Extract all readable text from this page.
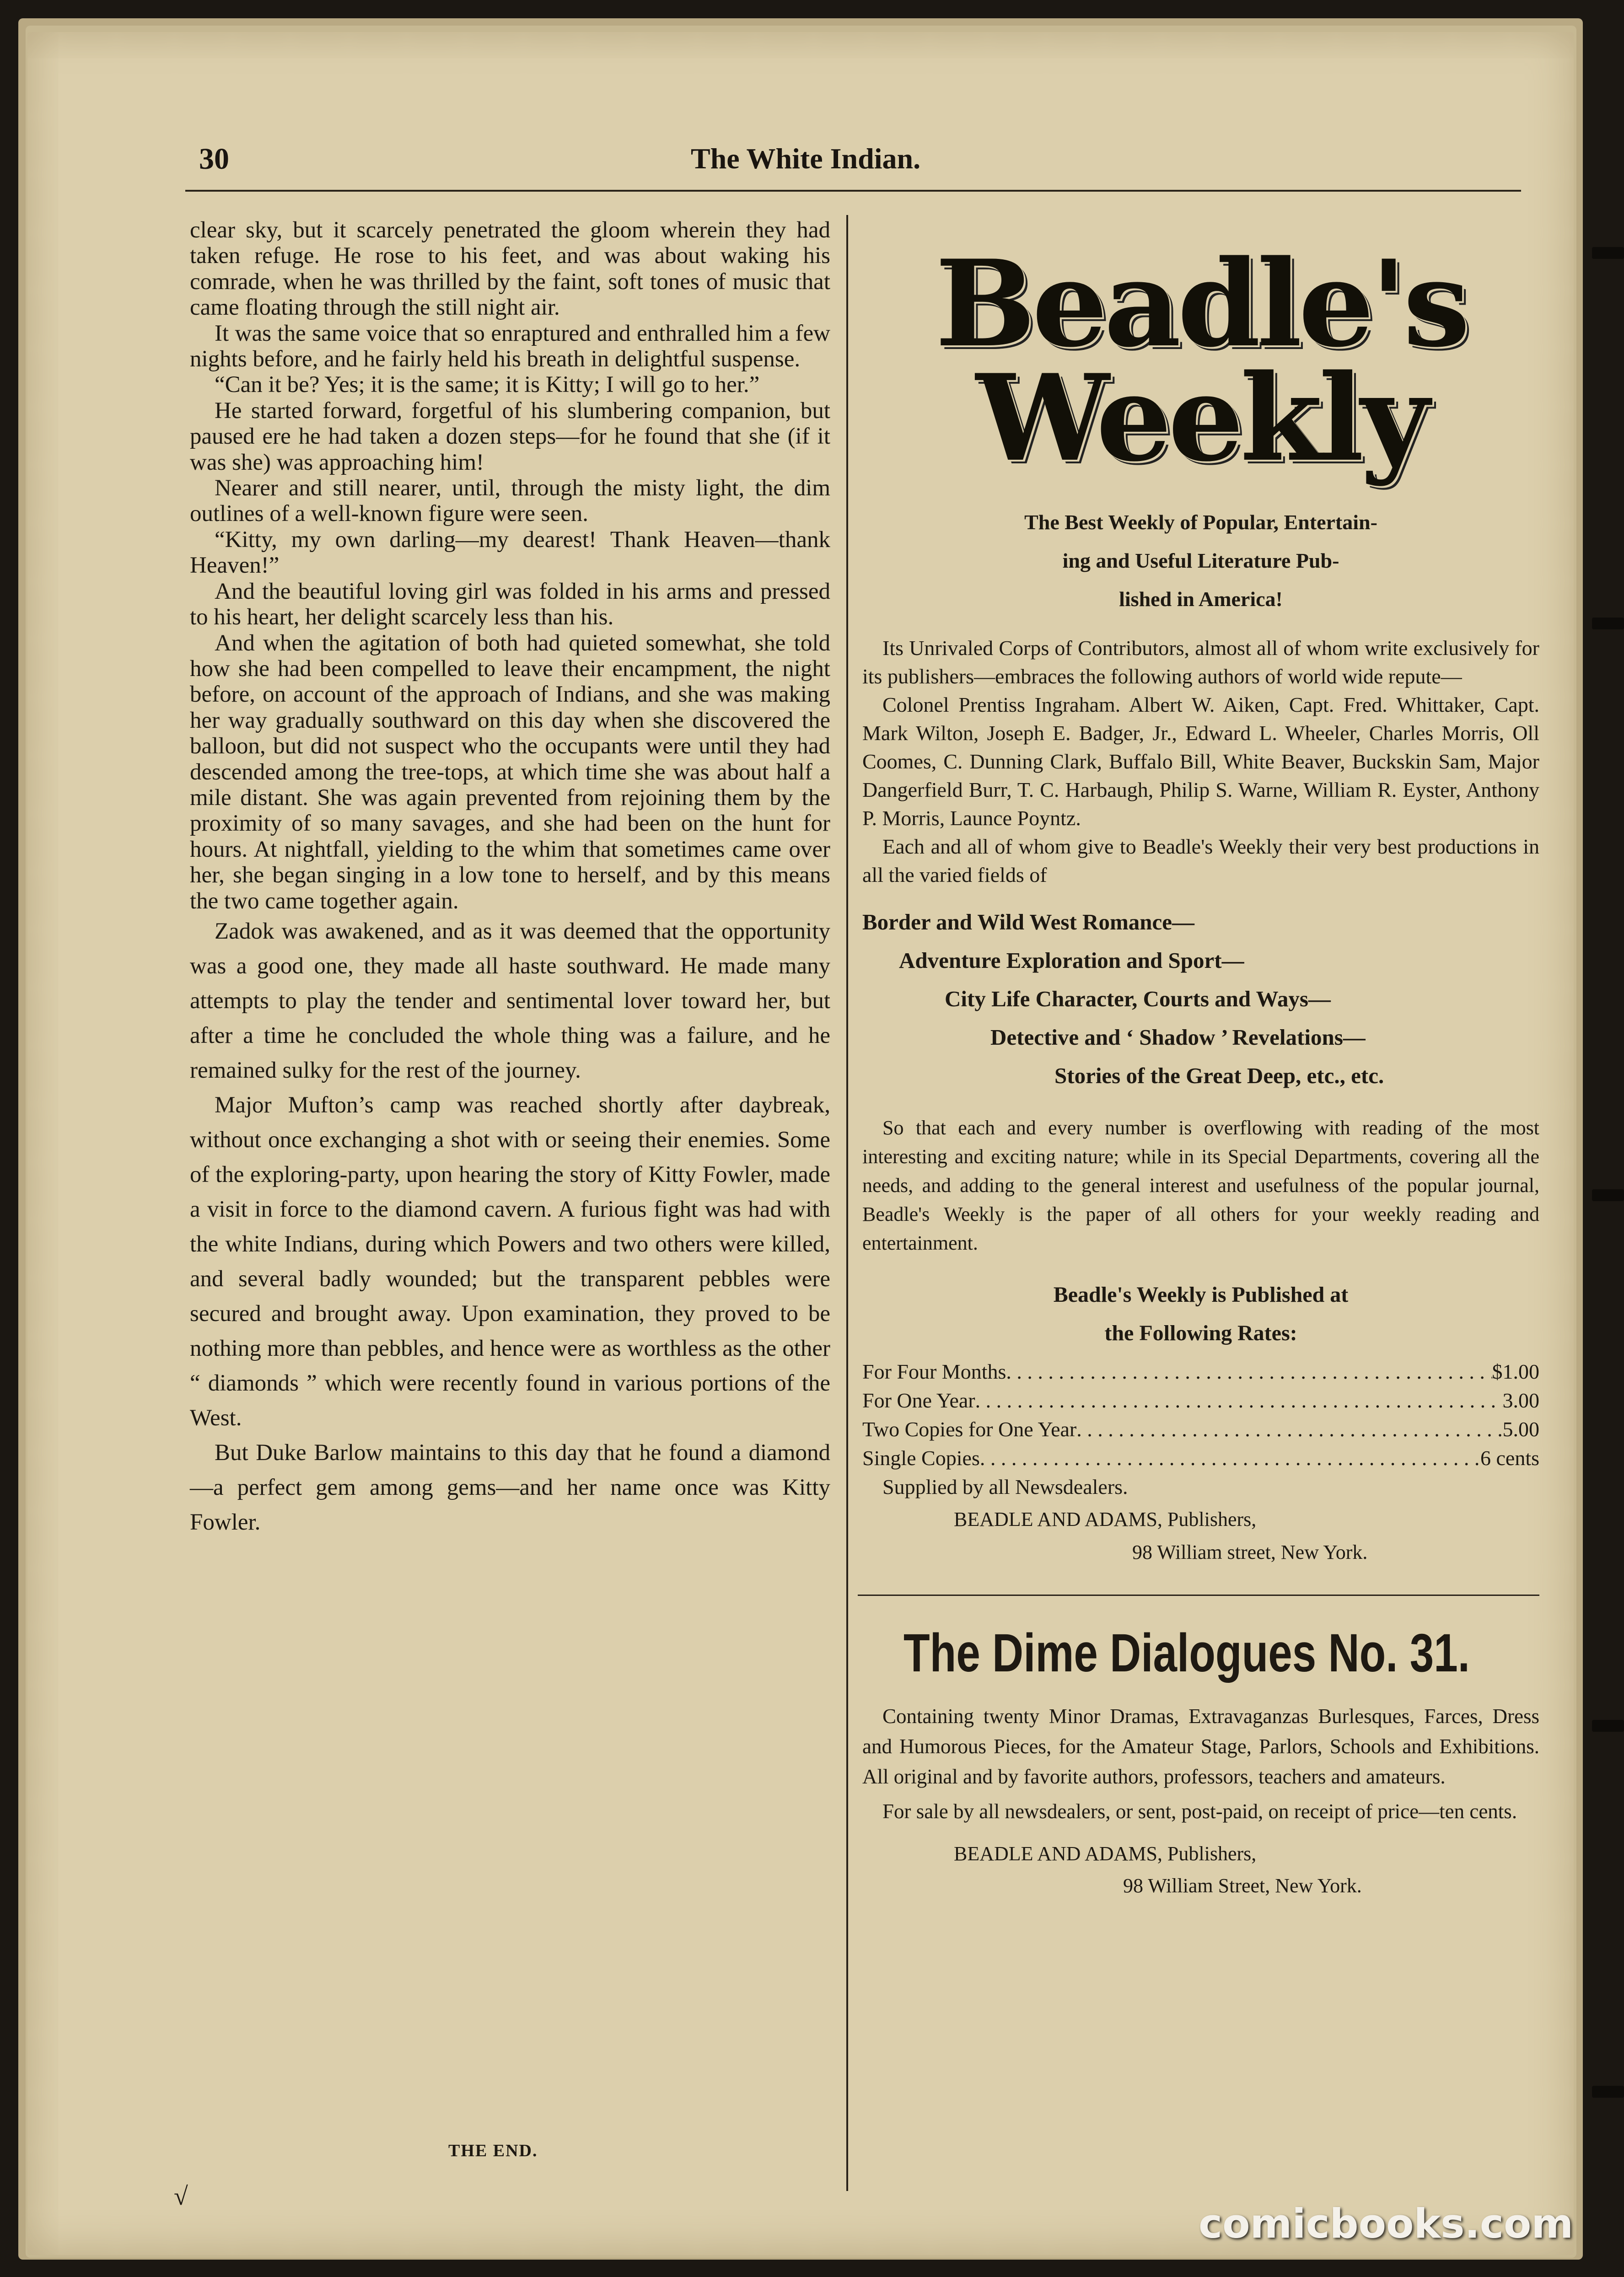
30	The White Indian.

clear sky, but it scarcely penetrated the gloom wherein they had taken refuge. He rose to his feet, and was about waking his comrade, when he was thrilled by the faint, soft tones of music that came floating through the still night air.

It was the same voice that so enraptured and enthralled him a few nights before, and he fairly held his breath in delightful suspense.

“Can it be? Yes; it is the same; it is Kitty; I will go to her.”

He started forward, forgetful of his slumbering companion, but paused ere he had taken a dozen steps—for he found that she (if it was she) was approaching him!

Nearer and still nearer, until, through the misty light, the dim outlines of a well-known figure were seen.

“Kitty, my own darling—my dearest! Thank Heaven—thank Heaven!”

And the beautiful loving girl was folded in his arms and pressed to his heart, her delight scarcely less than his.

And when the agitation of both had quieted somewhat, she told how she had been compelled to leave their encampment, the night before, on account of the approach of Indians, and she was making her way gradually southward on this day when she discovered the balloon, but did not suspect who the occupants were until they had descended among the tree-tops, at which time she was about half a mile distant. She was again prevented from rejoining them by the proximity of so many savages, and she had been on the hunt for hours. At nightfall, yielding to the whim that sometimes came over her, she began singing in a low tone to herself, and by this means the two came together again.

Zadok was awakened, and as it was deemed that the opportunity was a good one, they made all haste southward. He made many attempts to play the tender and sentimental lover toward her, but after a time he concluded the whole thing was a failure, and he remained sulky for the rest of the journey.

Major Mufton’s camp was reached shortly after daybreak, without once exchanging a shot with or seeing their enemies. Some of the exploring-party, upon hearing the story of Kitty Fowler, made a visit in force to the diamond cavern. A furious fight was had with the white Indians, during which Powers and two others were killed, and several badly wounded; but the transparent pebbles were secured and brought away. Upon examination, they proved to be nothing more than pebbles, and hence were as worthless as the other “ diamonds ” which were recently found in various portions of the West.

But Duke Barlow maintains to this day that he found a diamond—a perfect gem among gems—and her name once was Kitty Fowler.

THE END.
√
Beadle's Weekly
The Best Weekly of Popular, Entertain-
ing and Useful Literature Pub-
lished in America!
Its Unrivaled Corps of Contributors, almost all of whom write exclusively for its publishers—embraces the following authors of world wide repute—
Colonel Prentiss Ingraham. Albert W. Aiken, Capt. Fred. Whittaker, Capt. Mark Wilton, Joseph E. Badger, Jr., Edward L. Wheeler, Charles Morris, Oll Coomes, C. Dunning Clark, Buffalo Bill, White Beaver, Buckskin Sam, Major Dangerfield Burr, T. C. Harbaugh, Philip S. Warne, William R. Eyster, Anthony P. Morris, Launce Poyntz.
Each and all of whom give to Beadle's Weekly their very best productions in all the varied fields of
Border and Wild West Romance—
Adventure Exploration and Sport—
City Life Character, Courts and Ways—
Detective and ‘ Shadow ’ Revelations—
Stories of the Great Deep, etc., etc.
So that each and every number is overflowing with reading of the most interesting and exciting nature; while in its Special Departments, covering all the needs, and adding to the general interest and usefulness of the popular journal, Beadle's Weekly is the paper of all others for your weekly reading and entertainment.
Beadle's Weekly is Published at
the Following Rates:
For Four Months . . .	$1.00
For One Year . . .	3.00
Two Copies for One Year . . .	5.00
Single Copies . . .	6 cents
Supplied by all Newsdealers.
BEADLE AND ADAMS, Publishers,
98 William street, New York.
The Dime Dialogues No. 31.
Containing twenty Minor Dramas, Extravaganzas Burlesques, Farces, Dress and Humorous Pieces, for the Amateur Stage, Parlors, Schools and Exhibitions. All original and by favorite authors, professors, teachers and amateurs.
For sale by all newsdealers, or sent, post-paid, on receipt of price—ten cents.
BEADLE AND ADAMS, Publishers,
98 William Street, New York.
comicbooks.com
